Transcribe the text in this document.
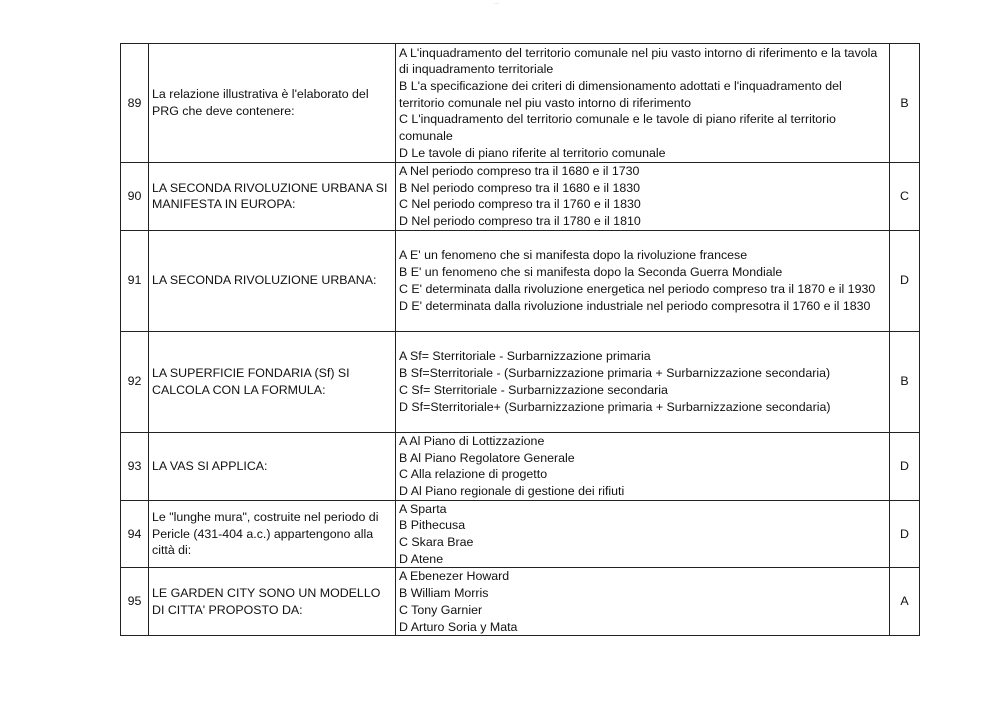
...
89	La relazione illustrativa è l'elaborato del PRG che deve contenere:	A L'inquadramento del territorio comunale nel piu vasto intorno di riferimento e la tavola di inquadramento territoriale
B L'a specificazione dei criteri di dimensionamento adottati e l'inquadramento del territorio comunale nel piu vasto intorno di riferimento
C L'inquadramento del territorio comunale e le tavole di piano riferite al territorio comunale
D Le tavole di piano riferite al territorio comunale	B
90	LA SECONDA RIVOLUZIONE URBANA SI MANIFESTA IN EUROPA:	A Nel periodo compreso tra il 1680 e il 1730
B Nel periodo compreso tra il 1680 e il 1830
C Nel periodo compreso tra il 1760 e il 1830
D Nel periodo compreso tra il 1780 e il 1810	C
91	LA SECONDA RIVOLUZIONE URBANA:	A E' un fenomeno che si manifesta dopo la rivoluzione francese
B E' un fenomeno che si manifesta dopo la Seconda Guerra Mondiale
C E' determinata dalla rivoluzione energetica nel periodo compreso tra il 1870 e il 1930
D E' determinata dalla rivoluzione industriale nel periodo compresotra il 1760 e il 1830	D
92	LA SUPERFICIE FONDARIA (Sf) SI CALCOLA CON LA FORMULA:	A Sf= Sterritoriale - Surbarnizzazione primaria
B Sf=Sterritoriale - (Surbarnizzazione primaria + Surbarnizzazione secondaria)
C Sf= Sterritoriale - Surbarnizzazione secondaria
D Sf=Sterritoriale+ (Surbarnizzazione primaria + Surbarnizzazione secondaria)	B
93	LA VAS SI APPLICA:	A Al Piano di Lottizzazione
B Al Piano Regolatore Generale
C Alla relazione di progetto
D Al Piano regionale di gestione dei rifiuti	D
94	Le "lunghe mura", costruite nel periodo di Pericle (431-404 a.c.) appartengono alla città di:	A Sparta
B Pithecusa
C Skara Brae
D Atene	D
95	LE GARDEN CITY SONO UN MODELLO DI CITTA' PROPOSTO DA:	A Ebenezer Howard
B William Morris
C Tony Garnier
D Arturo Soria y Mata	A
